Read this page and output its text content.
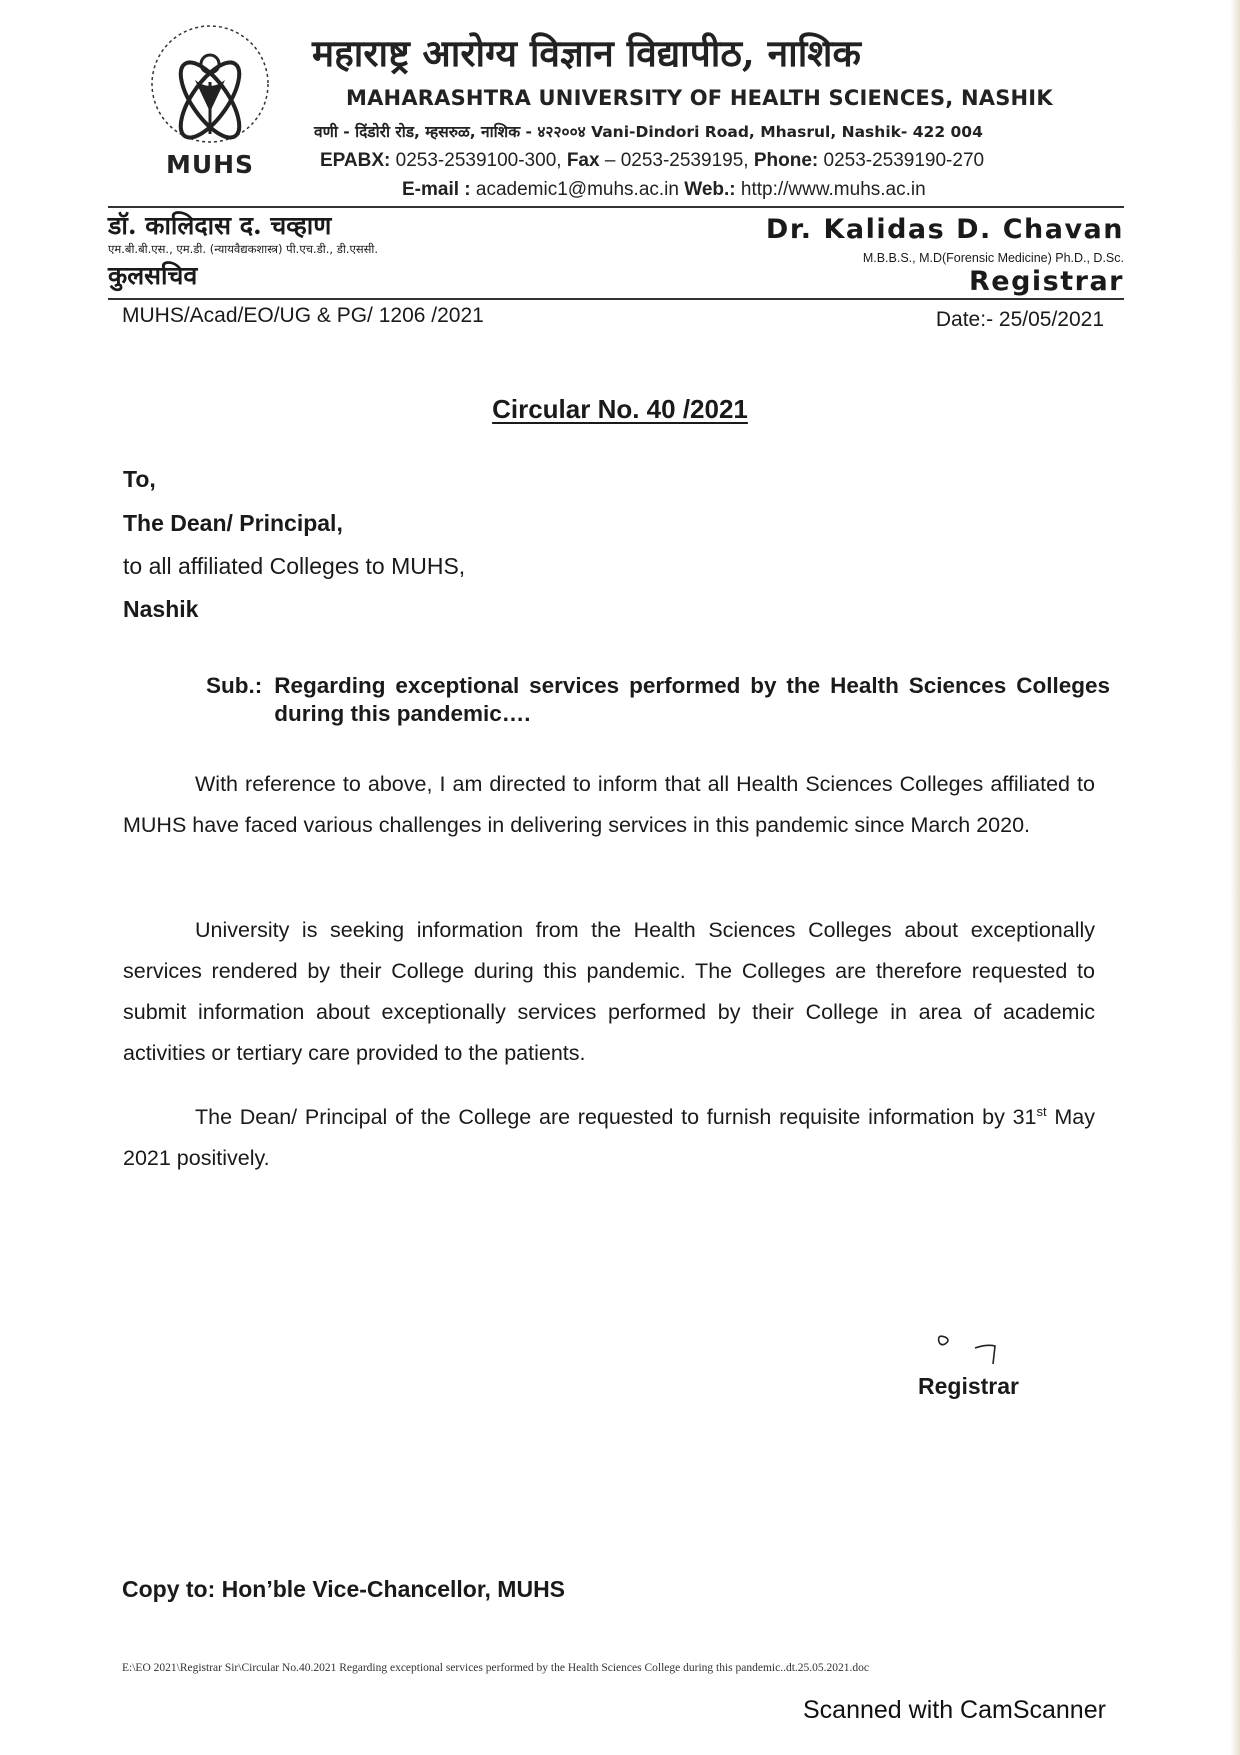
MUHS
महाराष्ट्र आरोग्य विज्ञान विद्यापीठ, नाशिक
MAHARASHTRA UNIVERSITY OF HEALTH SCIENCES, NASHIK
वणी - दिंडोरी रोड, म्हसरुळ, नाशिक - ४२२००४ Vani-Dindori Road, Mhasrul, Nashik- 422 004
EPABX: 0253-2539100-300, Fax – 0253-2539195, Phone: 0253-2539190-270
E-mail : academic1@muhs.ac.in Web.: http://www.muhs.ac.in
डॉ. कालिदास द. चव्हाण
एम.बी.बी.एस., एम.डी. (न्यायवैद्यकशास्त्र) पी.एच.डी., डी.एससी.
कुलसचिव
Dr. Kalidas D. Chavan
M.B.B.S., M.D(Forensic Medicine) Ph.D., D.Sc.
Registrar
MUHS/Acad/EO/UG & PG/ 1206 /2021	Date:- 25/05/2021
Circular No. 40 /2021
To,
The Dean/ Principal,
to all affiliated Colleges to MUHS,
Nashik
Sub.: Regarding exceptional services performed by the Health Sciences Colleges during this pandemic….
With reference to above, I am directed to inform that all Health Sciences Colleges affiliated to MUHS have faced various challenges in delivering services in this pandemic since March 2020.
University is seeking information from the Health Sciences Colleges about exceptionally services rendered by their College during this pandemic. The Colleges are therefore requested to submit information about exceptionally services performed by their College in area of academic activities or tertiary care provided to the patients.
The Dean/ Principal of the College are requested to furnish requisite information by 31st May 2021 positively.
Registrar
Copy to: Hon’ble Vice-Chancellor, MUHS
E:\EO 2021\Registrar Sir\Circular No.40.2021 Regarding exceptional services performed by the Health Sciences College during this pandemic..dt.25.05.2021.doc
Scanned with CamScanner
